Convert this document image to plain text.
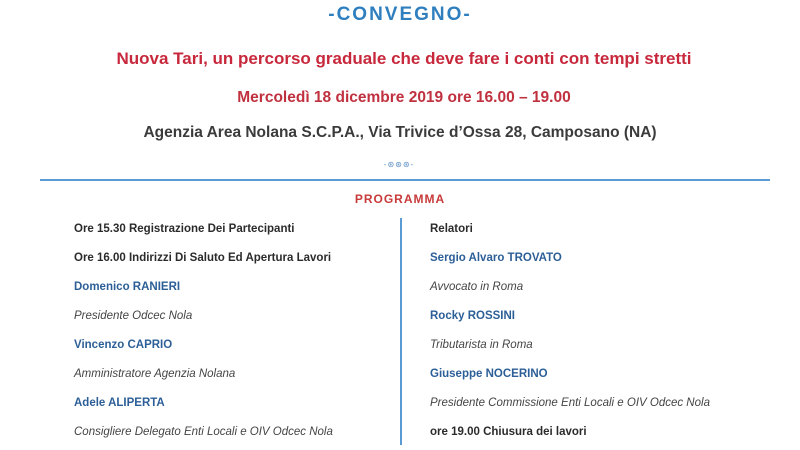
-CONVEGNO-
Nuova Tari, un percorso graduale che deve fare i conti con tempi stretti
Mercoledì 18 dicembre 2019 ore 16.00 – 19.00
Agenzia Area Nolana S.C.P.A., Via Trivice d’Ossa 28, Camposano (NA)
-⊛⊛⊛-
PROGRAMMA
Ore 15.30 Registrazione Dei Partecipanti
Ore 16.00 Indirizzi Di Saluto Ed Apertura Lavori
Domenico RANIERI
Presidente Odcec Nola
Vincenzo CAPRIO
Amministratore Agenzia Nolana
Adele ALIPERTA
Consigliere Delegato Enti Locali e OIV Odcec Nola
Relatori
Sergio Alvaro TROVATO
Avvocato in Roma
Rocky ROSSINI
Tributarista in Roma
Giuseppe NOCERINO
Presidente Commissione Enti Locali e OIV Odcec Nola
ore 19.00 Chiusura dei lavori
